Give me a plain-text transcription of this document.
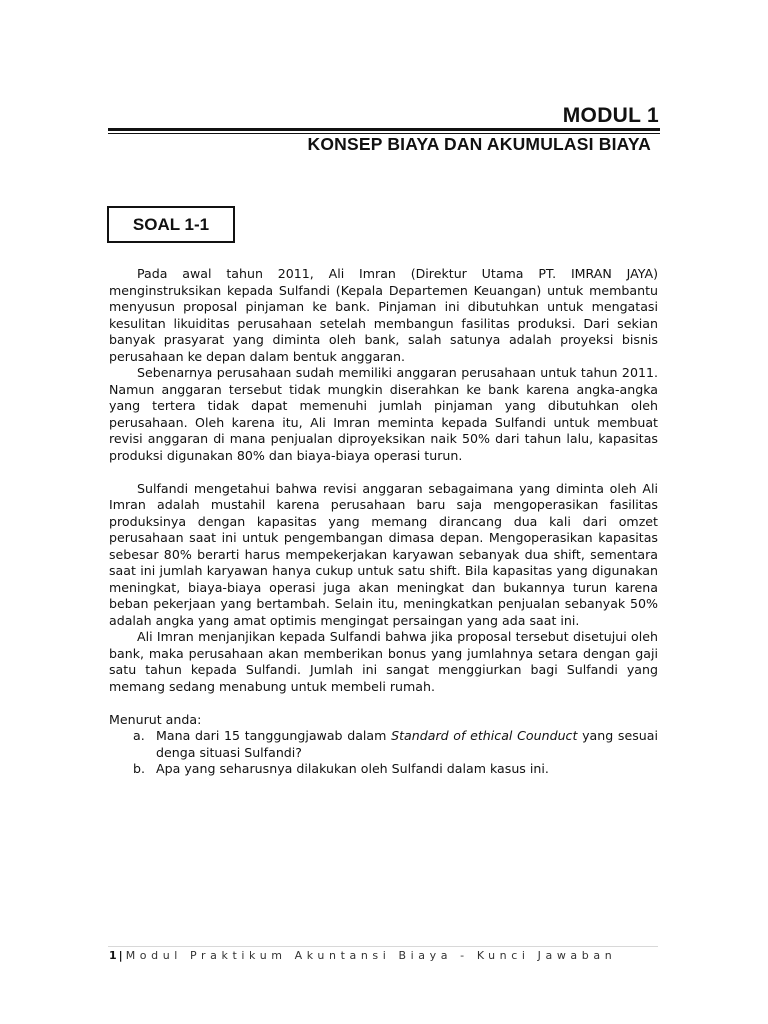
MODUL 1
KONSEP BIAYA DAN AKUMULASI BIAYA
SOAL 1-1

Pada awal tahun 2011, Ali Imran (Direktur Utama PT. IMRAN JAYA) menginstruksikan kepada Sulfandi (Kepala Departemen Keuangan) untuk membantu menyusun proposal pinjaman ke bank. Pinjaman ini dibutuhkan untuk mengatasi kesulitan likuiditas perusahaan setelah membangun fasilitas produksi. Dari sekian banyak prasyarat yang diminta oleh bank, salah satunya adalah proyeksi bisnis perusahaan ke depan dalam bentuk anggaran.

Sebenarnya perusahaan sudah memiliki anggaran perusahaan untuk tahun 2011. Namun anggaran tersebut tidak mungkin diserahkan ke bank karena angka-angka yang tertera tidak dapat memenuhi jumlah pinjaman yang dibutuhkan oleh perusahaan. Oleh karena itu, Ali Imran meminta kepada Sulfandi untuk membuat revisi anggaran di mana penjualan diproyeksikan naik 50% dari tahun lalu, kapasitas produksi digunakan 80% dan biaya-biaya operasi turun.

Sulfandi mengetahui bahwa revisi anggaran sebagaimana yang diminta oleh Ali Imran adalah mustahil karena perusahaan baru saja mengoperasikan fasilitas produksinya dengan kapasitas yang memang dirancang dua kali dari omzet perusahaan saat ini untuk pengembangan dimasa depan. Mengoperasikan kapasitas sebesar 80% berarti harus mempekerjakan karyawan sebanyak dua shift, sementara saat ini jumlah karyawan hanya cukup untuk satu shift. Bila kapasitas yang digunakan meningkat, biaya-biaya operasi juga akan meningkat dan bukannya turun karena beban pekerjaan yang bertambah. Selain itu, meningkatkan penjualan sebanyak 50% adalah angka yang amat optimis mengingat persaingan yang ada saat ini.

Ali Imran menjanjikan kepada Sulfandi bahwa jika proposal tersebut disetujui oleh bank, maka perusahaan akan memberikan bonus yang jumlahnya setara dengan gaji satu tahun kepada Sulfandi. Jumlah ini sangat menggiurkan bagi Sulfandi yang memang sedang menabung untuk membeli rumah.

Menurut anda:
a. Mana dari 15 tanggungjawab dalam Standard of ethical Counduct yang sesuai denga situasi Sulfandi?
b. Apa yang seharusnya dilakukan oleh Sulfandi dalam kasus ini.
1 | Modul Praktikum Akuntansi Biaya - Kunci Jawaban
